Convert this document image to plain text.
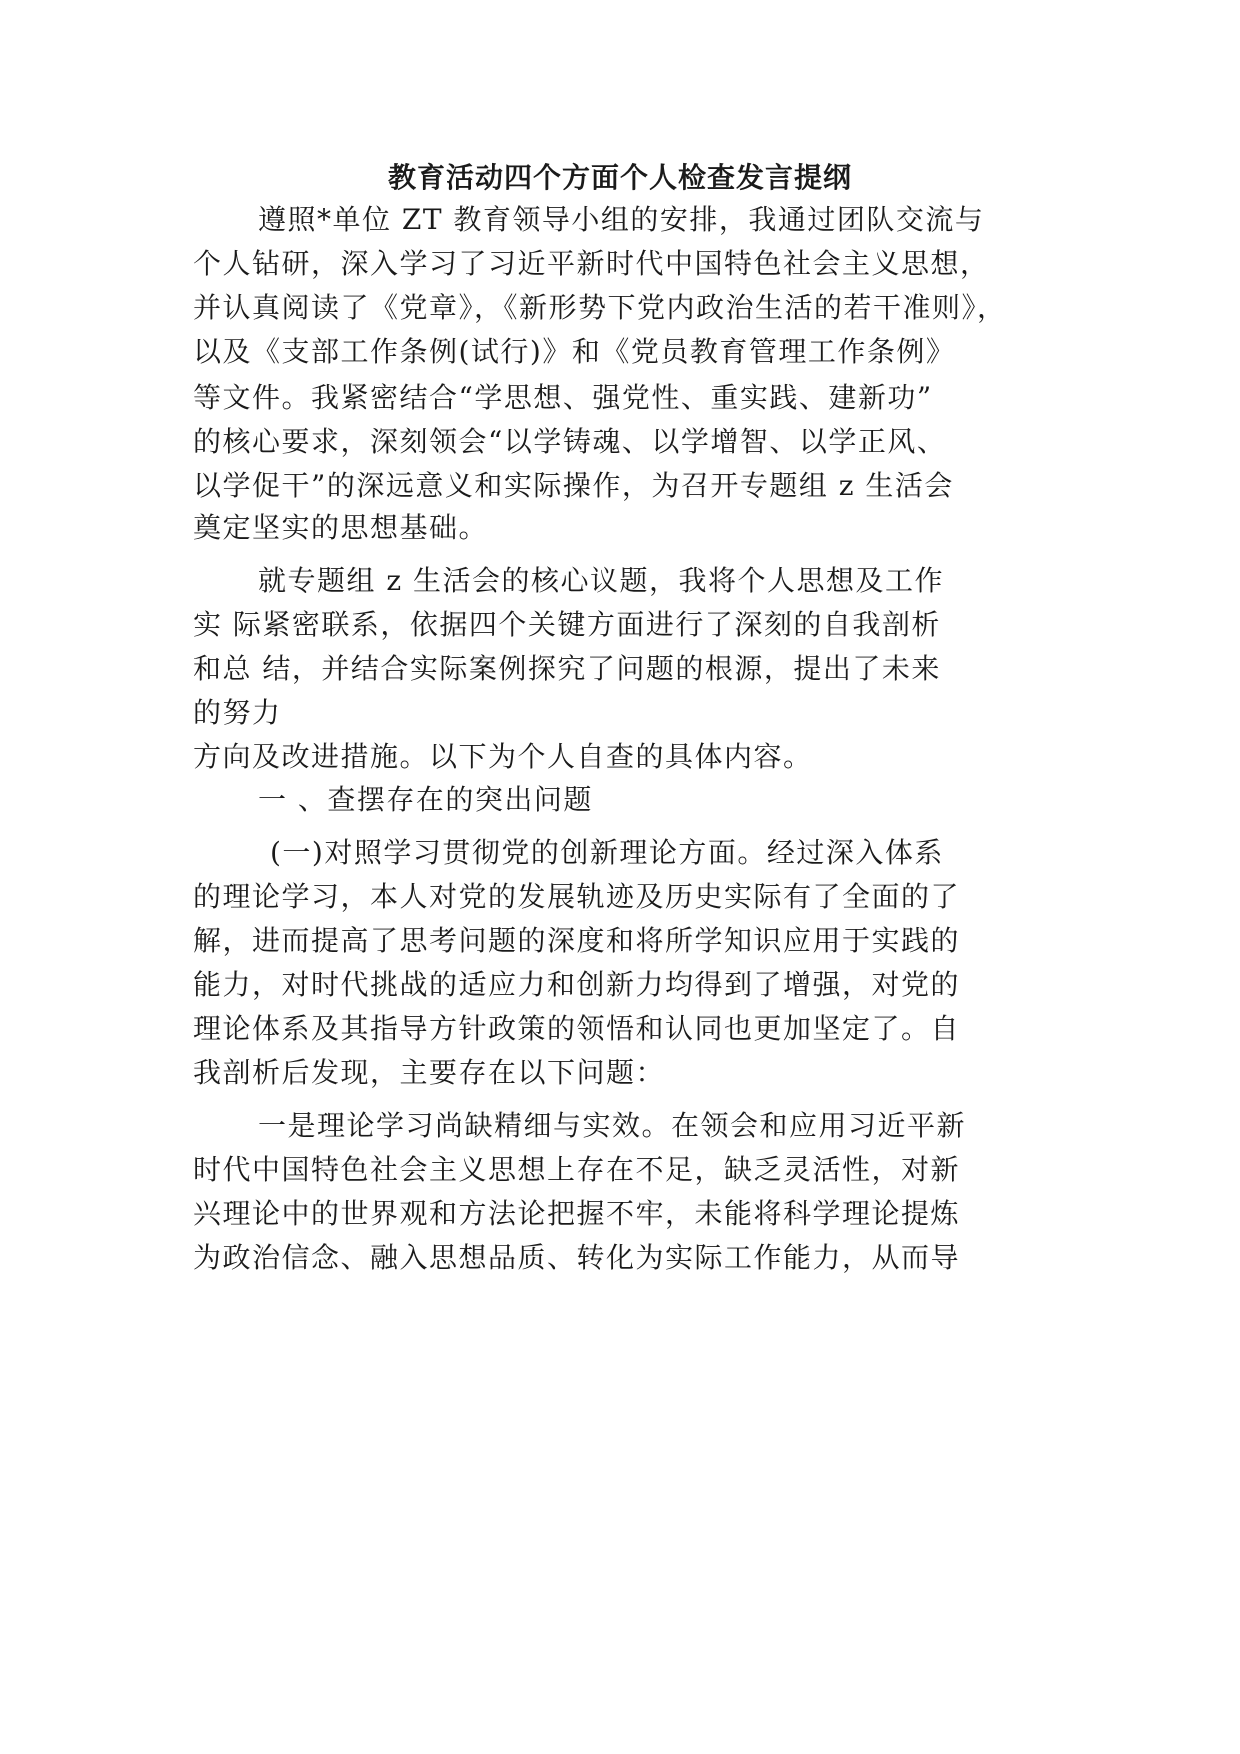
教育活动四个方面个人检查发言提纲
遵照*单位 ZT 教育领导小组的安排，我通过团队交流与
个人钻研，深入学习了习近平新时代中国特色社会主义思想，
并认真阅读了《党章》，《新形势下党内政治生活的若干准则》，
以及《支部工作条例(试行)》和《党员教育管理工作条例》
等文件。我紧密结合“学思想、强党性、重实践、建新功”
的核心要求，深刻领会“以学铸魂、以学增智、以学正风、
以学促干”的深远意义和实际操作，为召开专题组 z 生活会
奠定坚实的思想基础。
就专题组 z 生活会的核心议题，我将个人思想及工作
实 际紧密联系，依据四个关键方面进行了深刻的自我剖析
和总 结，并结合实际案例探究了问题的根源，提出了未来
的努力
方向及改进措施。以下为个人自查的具体内容。
一 、查摆存在的突出问题
(一)对照学习贯彻党的创新理论方面。经过深入体系
的理论学习，本人对党的发展轨迹及历史实际有了全面的了
解，进而提高了思考问题的深度和将所学知识应用于实践的
能力，对时代挑战的适应力和创新力均得到了增强，对党的
理论体系及其指导方针政策的领悟和认同也更加坚定了。自
我剖析后发现，主要存在以下问题：
一是理论学习尚缺精细与实效。在领会和应用习近平新
时代中国特色社会主义思想上存在不足，缺乏灵活性，对新
兴理论中的世界观和方法论把握不牢，未能将科学理论提炼
为政治信念、融入思想品质、转化为实际工作能力，从而导
